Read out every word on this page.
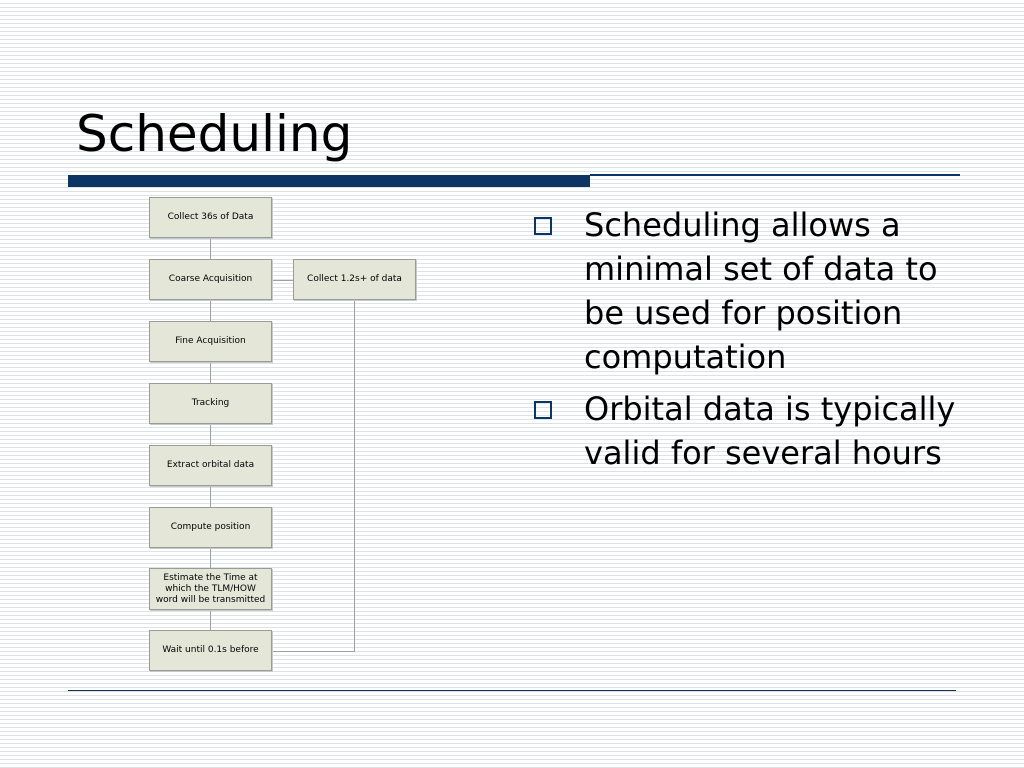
Scheduling
Collect 36s of Data
Coarse Acquisition
Fine Acquisition
Tracking
Extract orbital data
Compute position
Estimate the Time at which the TLM/HOW word will be transmitted
Wait until 0.1s before
Collect 1.2s+ of data
Scheduling allows a minimal set of data to be used for position computation
Orbital data is typically valid for several hours
